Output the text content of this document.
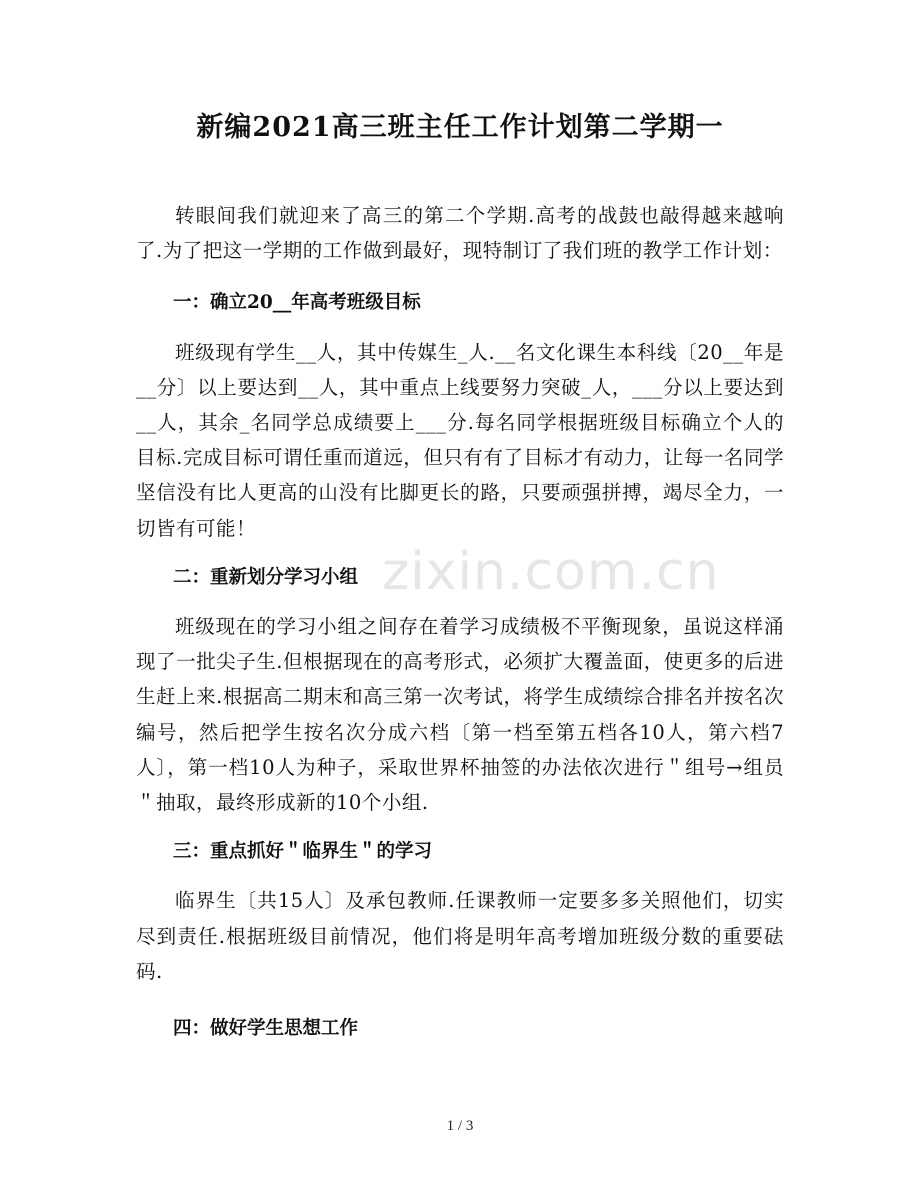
新编2021高三班主任工作计划第二学期一
zixin.com.cn

转眼间我们就迎来了高三的第二个学期.高考的战鼓也敲得越来越响了.为了把这一学期的工作做到最好，现特制订了我们班的教学工作计划：

一：确立20__年高考班级目标

班级现有学生__人，其中传媒生_人.__名文化课生本科线〔20__年是__分〕以上要达到__人，其中重点上线要努力突破_人，___分以上要达到__人，其余_名同学总成绩要上___分.每名同学根据班级目标确立个人的目标.完成目标可谓任重而道远，但只有有了目标才有动力，让每一名同学坚信没有比人更高的山没有比脚更长的路，只要顽强拼搏，竭尽全力，一切皆有可能！

二：重新划分学习小组

班级现在的学习小组之间存在着学习成绩极不平衡现象，虽说这样涌现了一批尖子生.但根据现在的高考形式，必须扩大覆盖面，使更多的后进生赶上来.根据高二期末和高三第一次考试，将学生成绩综合排名并按名次编号，然后把学生按名次分成六档〔第一档至第五档各10人，第六档7人〕，第一档10人为种子，采取世界杯抽签的办法依次进行＂组号→组员＂抽取，最终形成新的10个小组.

三：重点抓好＂临界生＂的学习

临界生〔共15人〕及承包教师.任课教师一定要多多关照他们，切实尽到责任.根据班级目前情况，他们将是明年高考增加班级分数的重要砝码.

四：做好学生思想工作

1 / 3
